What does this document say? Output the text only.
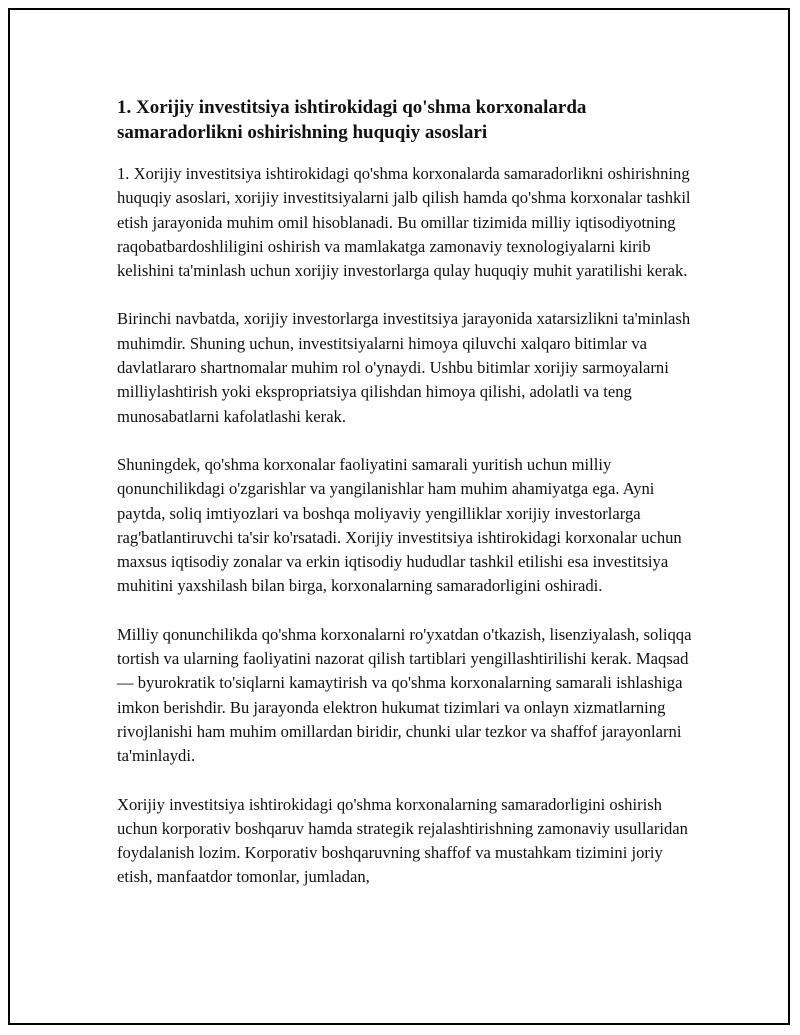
1. Xorijiy investitsiya ishtirokidagi qo'shma korxonalarda samaradorlikni oshirishning huquqiy asoslari

1. Xorijiy investitsiya ishtirokidagi qo'shma korxonalarda samaradorlikni oshirishning huquqiy asoslari, xorijiy investitsiyalarni jalb qilish hamda qo'shma korxonalar tashkil etish jarayonida muhim omil hisoblanadi. Bu omillar tizimida milliy iqtisodiyotning raqobatbardoshliligini oshirish va mamlakatga zamonaviy texnologiyalarni kirib kelishini ta'minlash uchun xorijiy investorlarga qulay huquqiy muhit yaratilishi kerak.

Birinchi navbatda, xorijiy investorlarga investitsiya jarayonida xatarsizlikni ta'minlash muhimdir. Shuning uchun, investitsiyalarni himoya qiluvchi xalqaro bitimlar va davlatlararo shartnomalar muhim rol o'ynaydi. Ushbu bitimlar xorijiy sarmoyalarni milliylashtirish yoki ekspropriatsiya qilishdan himoya qilishi, adolatli va teng munosabatlarni kafolatlashi kerak.

Shuningdek, qo'shma korxonalar faoliyatini samarali yuritish uchun milliy qonunchilikdagi o'zgarishlar va yangilanishlar ham muhim ahamiyatga ega. Ayni paytda, soliq imtiyozlari va boshqa moliyaviy yengilliklar xorijiy investorlarga rag'batlantiruvchi ta'sir ko'rsatadi. Xorijiy investitsiya ishtirokidagi korxonalar uchun maxsus iqtisodiy zonalar va erkin iqtisodiy hududlar tashkil etilishi esa investitsiya muhitini yaxshilash bilan birga, korxonalarning samaradorligini oshiradi.

Milliy qonunchilikda qo'shma korxonalarni ro'yxatdan o'tkazish, lisenziyalash, soliqqa tortish va ularning faoliyatini nazorat qilish tartiblari yengillashtirilishi kerak. Maqsad — byurokratik to'siqlarni kamaytirish va qo'shma korxonalarning samarali ishlashiga imkon berishdir. Bu jarayonda elektron hukumat tizimlari va onlayn xizmatlarning rivojlanishi ham muhim omillardan biridir, chunki ular tezkor va shaffof jarayonlarni ta'minlaydi.

Xorijiy investitsiya ishtirokidagi qo'shma korxonalarning samaradorligini oshirish uchun korporativ boshqaruv hamda strategik rejalashtirishning zamonaviy usullaridan foydalanish lozim. Korporativ boshqaruvning shaffof va mustahkam tizimini joriy etish, manfaatdor tomonlar, jumladan,
